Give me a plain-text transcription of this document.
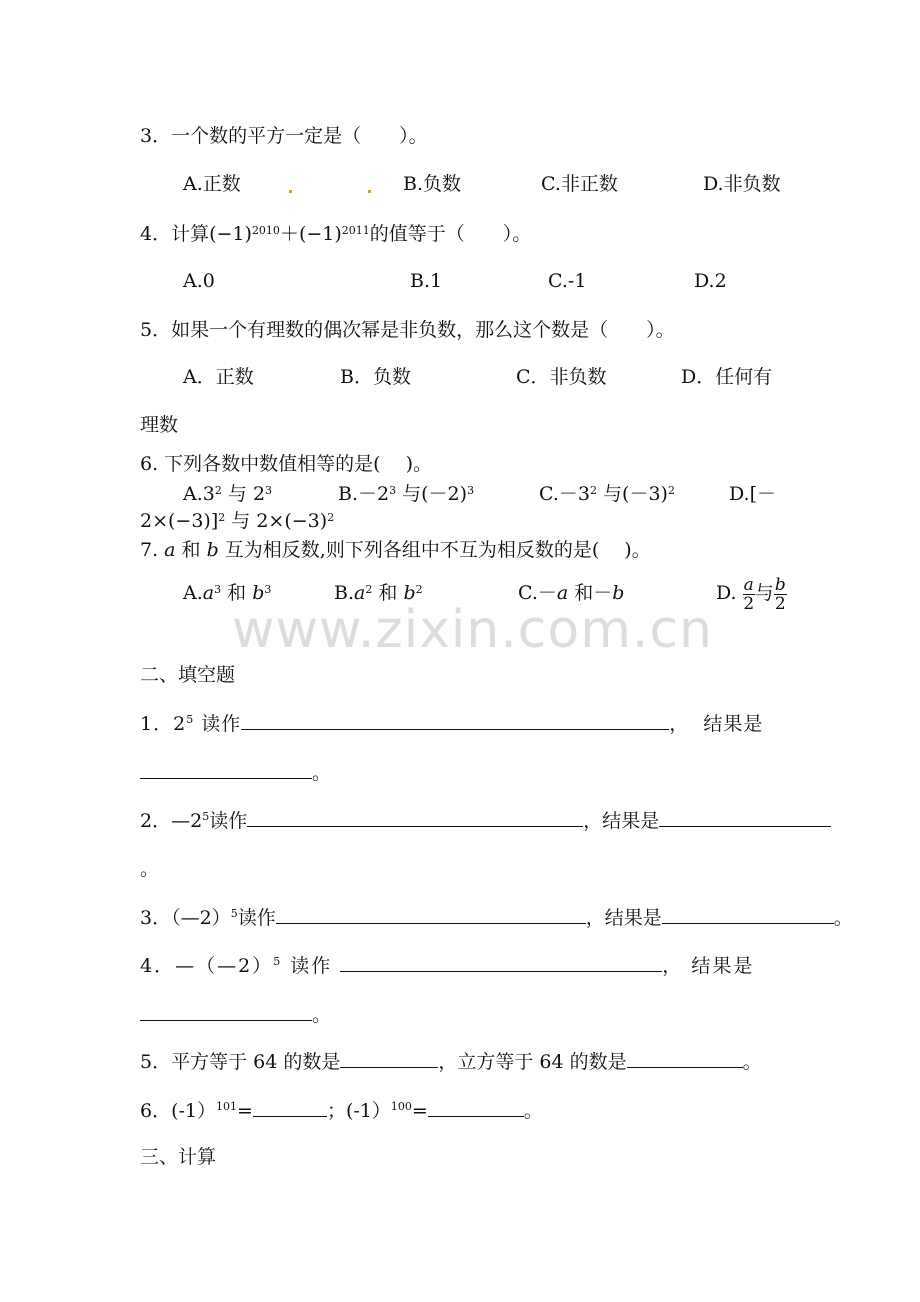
www.zixin.com.cn
3．一个数的平方一定是（　　）。
A.正数	B.负数	C.非正数	D.非负数
4．计算$(-1)^{2010}+(-1)^{2011}$的值等于（　　）。
A.0	B.1	C.-1	D.2
5．如果一个有理数的偶次幂是非负数，那么这个数是（　　）。
A．正数	B．负数	C．非负数	D．任何有
理数
6. 下列各数中数值相等的是(　 )。
$A.3^2$ 与 $2^3$	$B.-2^3$ 与$(-2)^3$	$C.-3^2$ 与$(-3)^2$	D.[－
2×(−3)]$^2$ 与 $2\times(-3)^2$
7. a 和 b 互为相反数,则下列各组中不互为相反数的是(　 )。
$A.a^3$ 和 $b^3$	$B.a^2$ 和 $b^2$	C.－a 和－b	D. $\frac{a}{2}$ 与 $\frac{b}{2}$
二、填空题
1．$2^5$ 读作	， 结果是
。
2．$—2^5$读作	，结果是
。
3．（—2）$^5$读作	，结果是	。
4．—（—2）$^5$ 读作	， 结果是
。
5．平方等于 64 的数是	，立方等于 64 的数是	。
6．(-1）$^{101}$=	；(-1）$^{100}$=	。
三、计算
